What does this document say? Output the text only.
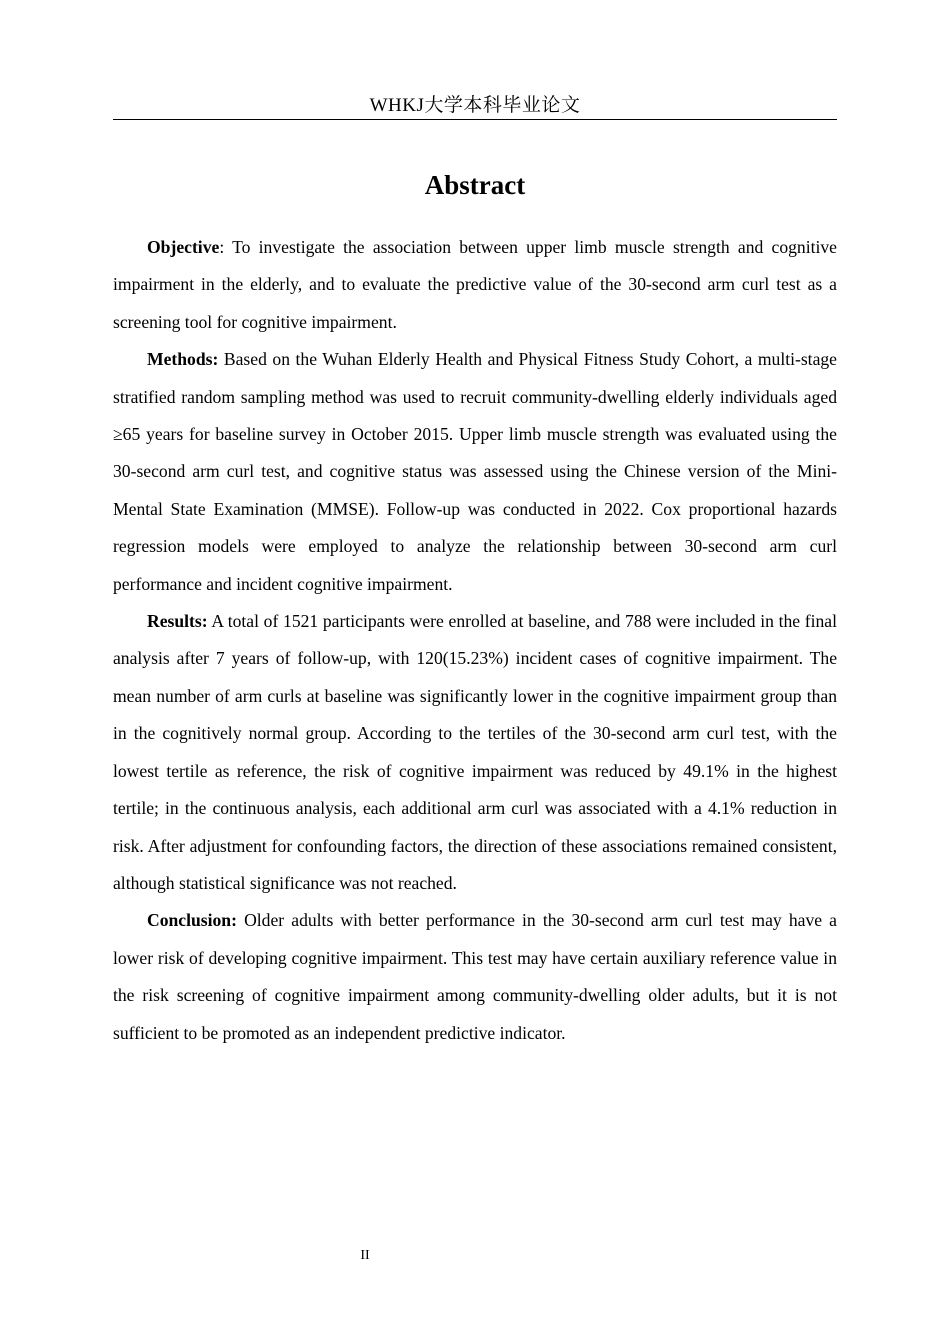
WHKJ大学本科毕业论文
Abstract

Objective: To investigate the association between upper limb muscle strength and cognitive impairment in the elderly, and to evaluate the predictive value of the 30-second arm curl test as a screening tool for cognitive impairment.

Methods: Based on the Wuhan Elderly Health and Physical Fitness Study Cohort, a multi-stage stratified random sampling method was used to recruit community-dwelling elderly individuals aged ≥65 years for baseline survey in October 2015. Upper limb muscle strength was evaluated using the 30-second arm curl test, and cognitive status was assessed using the Chinese version of the Mini-Mental State Examination (MMSE). Follow-up was conducted in 2022. Cox proportional hazards regression models were employed to analyze the relationship between 30-second arm curl performance and incident cognitive impairment.

Results: A total of 1521 participants were enrolled at baseline, and 788 were included in the final analysis after 7 years of follow-up, with 120(15.23%) incident cases of cognitive impairment. The mean number of arm curls at baseline was significantly lower in the cognitive impairment group than in the cognitively normal group. According to the tertiles of the 30-second arm curl test, with the lowest tertile as reference, the risk of cognitive impairment was reduced by 49.1% in the highest tertile; in the continuous analysis, each additional arm curl was associated with a 4.1% reduction in risk. After adjustment for confounding factors, the direction of these associations remained consistent, although statistical significance was not reached.

Conclusion: Older adults with better performance in the 30-second arm curl test may have a lower risk of developing cognitive impairment. This test may have certain auxiliary reference value in the risk screening of cognitive impairment among community-dwelling older adults, but it is not sufficient to be promoted as an independent predictive indicator.

II
